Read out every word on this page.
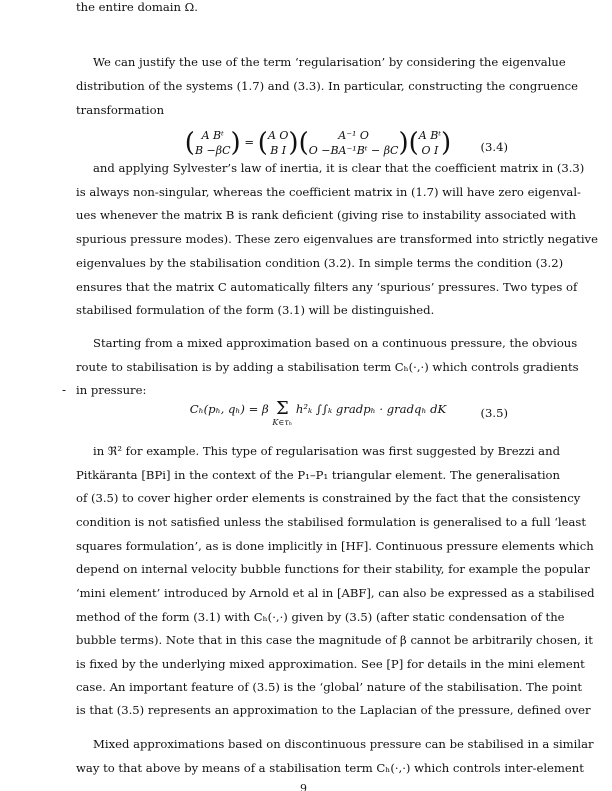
We can justify the use of the term ‘regularisation’ by considering the eigenvalue
distribution of the systems (1.7) and (3.3). In particular, constructing the congruence
transformation
and applying Sylvester’s law of inertia, it is clear that the coefficient matrix in (3.3)
is always non-singular, whereas the coefficient matrix in (1.7) will have zero eigenval-
ues whenever the matrix B is rank deficient (giving rise to instability associated with
spurious pressure modes). These zero eigenvalues are transformed into strictly negative
eigenvalues by the stabilisation condition (3.2). In simple terms the condition (3.2)
ensures that the matrix C automatically filters any ‘spurious’ pressures. Two types of
stabilised formulation of the form (3.1) will be distinguished.
Starting from a mixed approximation based on a continuous pressure, the obvious
route to stabilisation is by adding a stabilisation term Cₕ(·,·) which controls gradients
in pressure:
in ℜ² for example. This type of regularisation was first suggested by Brezzi and
Pitkäranta [BPi] in the context of the P₁–P₁ triangular element. The generalisation
of (3.5) to cover higher order elements is constrained by the fact that the consistency
condition is not satisfied unless the stabilised formulation is generalised to a full ‘least
squares formulation’, as is done implicitly in [HF]. Continuous pressure elements which
depend on internal velocity bubble functions for their stability, for example the popular
‘mini element’ introduced by Arnold et al in [ABF], can also be expressed as a stabilised
method of the form (3.1) with Cₕ(·,·) given by (3.5) (after static condensation of the
bubble terms). Note that in this case the magnitude of β cannot be arbitrarily chosen, it
is fixed by the underlying mixed approximation. See [P] for details in the mini element
case. An important feature of (3.5) is the ‘global’ nature of the stabilisation. The point
is that (3.5) represents an approximation to the Laplacian of the pressure, defined over
the entire domain Ω.
Mixed approximations based on discontinuous pressure can be stabilised in a similar
way to that above by means of a stabilisation term Cₕ(·,·) which controls inter-element
( A Bᵗ
B −βC) = (A O
B I)(	A⁻¹ O
O −BA⁻¹Bᵗ − βC)(A Bᵗ
O I )	(3.4)
Cₕ(pₕ, qₕ) = β Σ
K∈τₕ h²ₖ ∫∫ₖ gradpₕ · gradqₕ dK	(3.5)
-
9
